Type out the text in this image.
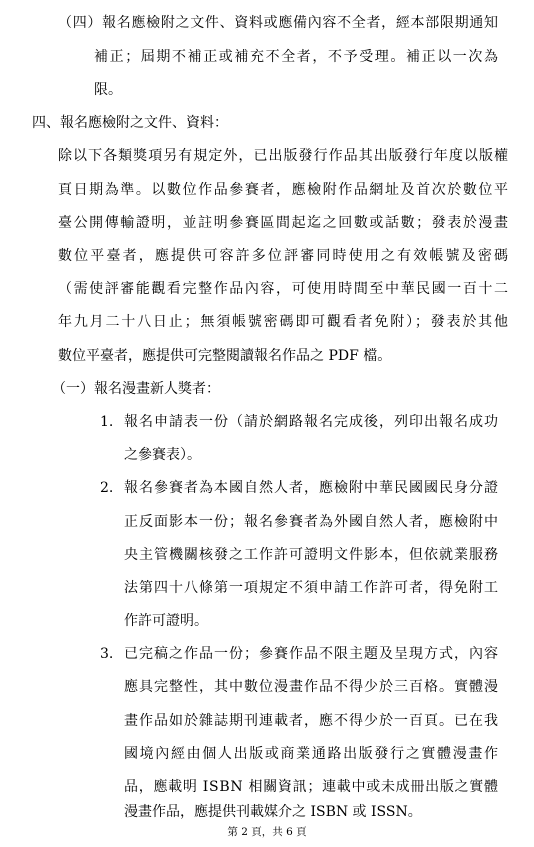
（四）報名應檢附之文件、資料或應備內容不全者，經本部限期通知
補正；屆期不補正或補充不全者，不予受理。補正以一次為
限。
四、報名應檢附之文件、資料：
除以下各類獎項另有規定外，已出版發行作品其出版發行年度以版權
頁日期為準。以數位作品參賽者，應檢附作品網址及首次於數位平
臺公開傳輸證明，並註明參賽區間起迄之回數或話數；發表於漫畫
數位平臺者，應提供可容許多位評審同時使用之有效帳號及密碼
（需使評審能觀看完整作品內容，可使用時間至中華民國一百十二
年九月二十八日止；無須帳號密碼即可觀看者免附）；發表於其他
數位平臺者，應提供可完整閱讀報名作品之 PDF 檔。
（一）報名漫畫新人獎者：
1. 報名申請表一份（請於網路報名完成後，列印出報名成功
之參賽表）。
2. 報名參賽者為本國自然人者，應檢附中華民國國民身分證
正反面影本一份；報名參賽者為外國自然人者，應檢附中
央主管機關核發之工作許可證明文件影本，但依就業服務
法第四十八條第一項規定不須申請工作許可者，得免附工
作許可證明。
3. 已完稿之作品一份；參賽作品不限主題及呈現方式，內容
應具完整性，其中數位漫畫作品不得少於三百格。實體漫
畫作品如於雜誌期刊連載者，應不得少於一百頁。已在我
國境內經由個人出版或商業通路出版發行之實體漫畫作
品，應載明 ISBN 相關資訊；連載中或未成冊出版之實體
漫畫作品，應提供刊載媒介之 ISBN 或 ISSN。
第 2 頁，共 6 頁
